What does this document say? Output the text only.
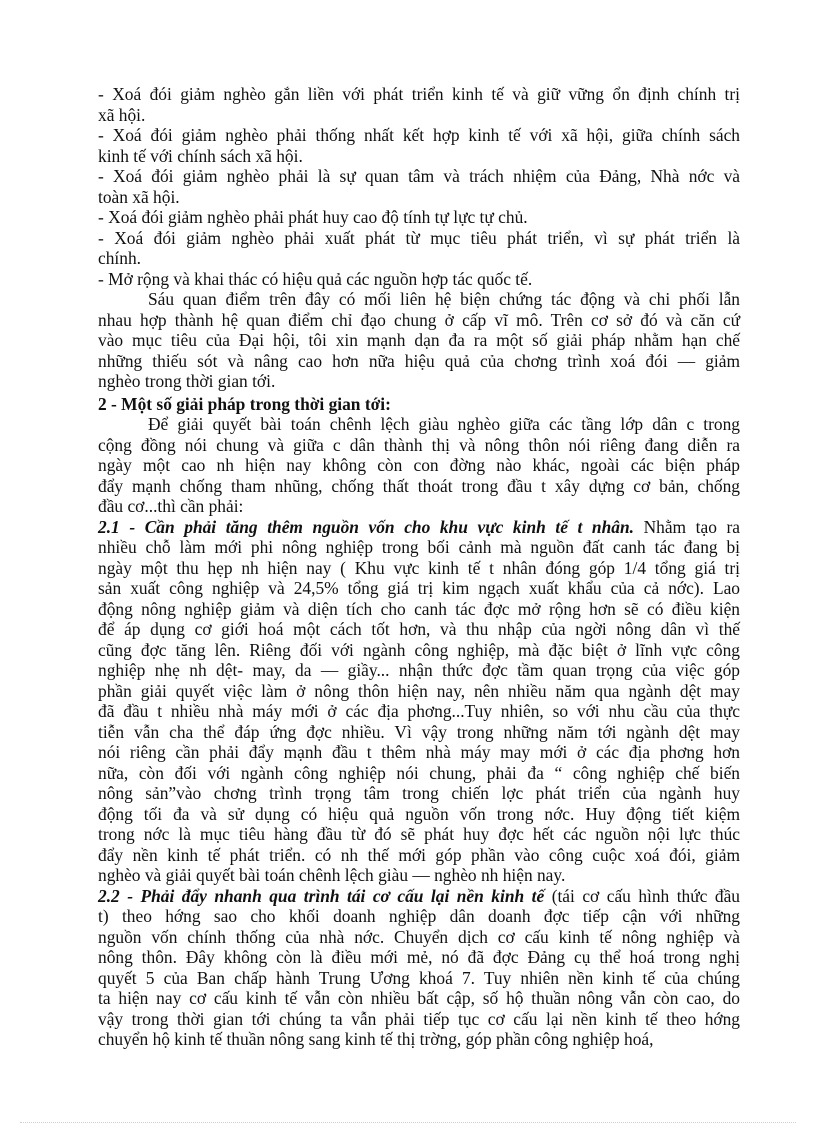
- Xoá đói giảm nghèo gắn liền với phát triển kinh tế và giữ vững ổn định chính trị
xã hội.
- Xoá đói giảm nghèo phải thống nhất kết hợp kinh tế với xã hội, giữa chính sách
kinh tế với chính sách xã hội.
- Xoá đói giảm nghèo phải là sự quan tâm và trách nhiệm của Đảng, Nhà nớc và
toàn xã hội.
- Xoá đói giảm nghèo phải phát huy cao độ tính tự lực tự chủ.
- Xoá đói giảm nghèo phải xuất phát từ mục tiêu phát triển, vì sự phát triển là
chính.
- Mở rộng và khai thác có hiệu quả các nguồn hợp tác quốc tế.
Sáu quan điểm trên đây có mối liên hệ biện chứng tác động và chi phối lẫn
nhau hợp thành hệ quan điểm chỉ đạo chung ở cấp vĩ mô. Trên cơ sở đó và căn cứ
vào mục tiêu của Đại hội, tôi xin mạnh dạn đa ra một số giải pháp nhằm hạn chế
những thiếu sót và nâng cao hơn nữa hiệu quả của chơng trình xoá đói — giảm
nghèo trong thời gian tới.
2 - Một số giải pháp trong thời gian tới:
Để giải quyết bài toán chênh lệch giàu nghèo giữa các tầng lớp dân c trong
cộng đồng nói chung và giữa c dân thành thị và nông thôn nói riêng đang diễn ra
ngày một cao nh hiện nay không còn con đờng nào khác, ngoài các biện pháp
đẩy mạnh chống tham nhũng, chống thất thoát trong đầu t xây dựng cơ bản, chống
đầu cơ...thì cần phải:
2.1 - Cần phải tăng thêm nguồn vốn cho khu vực kinh tế t nhân. Nhằm tạo ra
nhiều chỗ làm mới phi nông nghiệp trong bối cảnh mà nguồn đất canh tác đang bị
ngày một thu hẹp nh hiện nay ( Khu vực kinh tế t nhân đóng góp 1/4 tổng giá trị
sản xuất công nghiệp và 24,5% tổng giá trị kim ngạch xuất khẩu của cả nớc). Lao
động nông nghiệp giảm và diện tích cho canh tác đợc mở rộng hơn sẽ có điều kiện
để áp dụng cơ giới hoá một cách tốt hơn, và thu nhập của ngời nông dân vì thế
cũng đợc tăng lên. Riêng đối với ngành công nghiệp, mà đặc biệt ở lĩnh vực công
nghiệp nhẹ nh dệt- may, da — giầy... nhận thức đợc tầm quan trọng của việc góp
phần giải quyết việc làm ở nông thôn hiện nay, nên nhiều năm qua ngành dệt may
đã đầu t nhiều nhà máy mới ở các địa phơng...Tuy nhiên, so với nhu cầu của thực
tiễn vẫn cha thể đáp ứng đợc nhiều. Vì vậy trong những năm tới ngành dệt may
nói riêng cần phải đẩy mạnh đầu t thêm nhà máy may mới ở các địa phơng hơn
nữa, còn đối với ngành công nghiệp nói chung, phải đa “ công nghiệp chế biến
nông sản”vào chơng trình trọng tâm trong chiến lợc phát triển của ngành huy
động tối đa và sử dụng có hiệu quả nguồn vốn trong nớc. Huy động tiết kiệm
trong nớc là mục tiêu hàng đầu từ đó sẽ phát huy đợc hết các nguồn nội lực thúc
đẩy nền kinh tế phát triển. có nh thế mới góp phần vào công cuộc xoá đói, giảm
nghèo và giải quyết bài toán chênh lệch giàu — nghèo nh hiện nay.
2.2 - Phải đẩy nhanh qua trình tái cơ cấu lại nền kinh tế (tái cơ cấu hình thức đầu
t) theo hớng sao cho khối doanh nghiệp dân doanh đợc tiếp cận với những
nguồn vốn chính thống của nhà nớc. Chuyển dịch cơ cấu kinh tế nông nghiệp và
nông thôn. Đây không còn là điều mới mẻ, nó đã đợc Đảng cụ thể hoá trong nghị
quyết 5 của Ban chấp hành Trung Ương khoá 7. Tuy nhiên nền kinh tế của chúng
ta hiện nay cơ cấu kinh tế vẫn còn nhiều bất cập, số hộ thuần nông vẫn còn cao, do
vậy trong thời gian tới chúng ta vẫn phải tiếp tục cơ cấu lại nền kinh tế theo hớng
chuyển hộ kinh tế thuần nông sang kinh tế thị trờng, góp phần công nghiệp hoá,
